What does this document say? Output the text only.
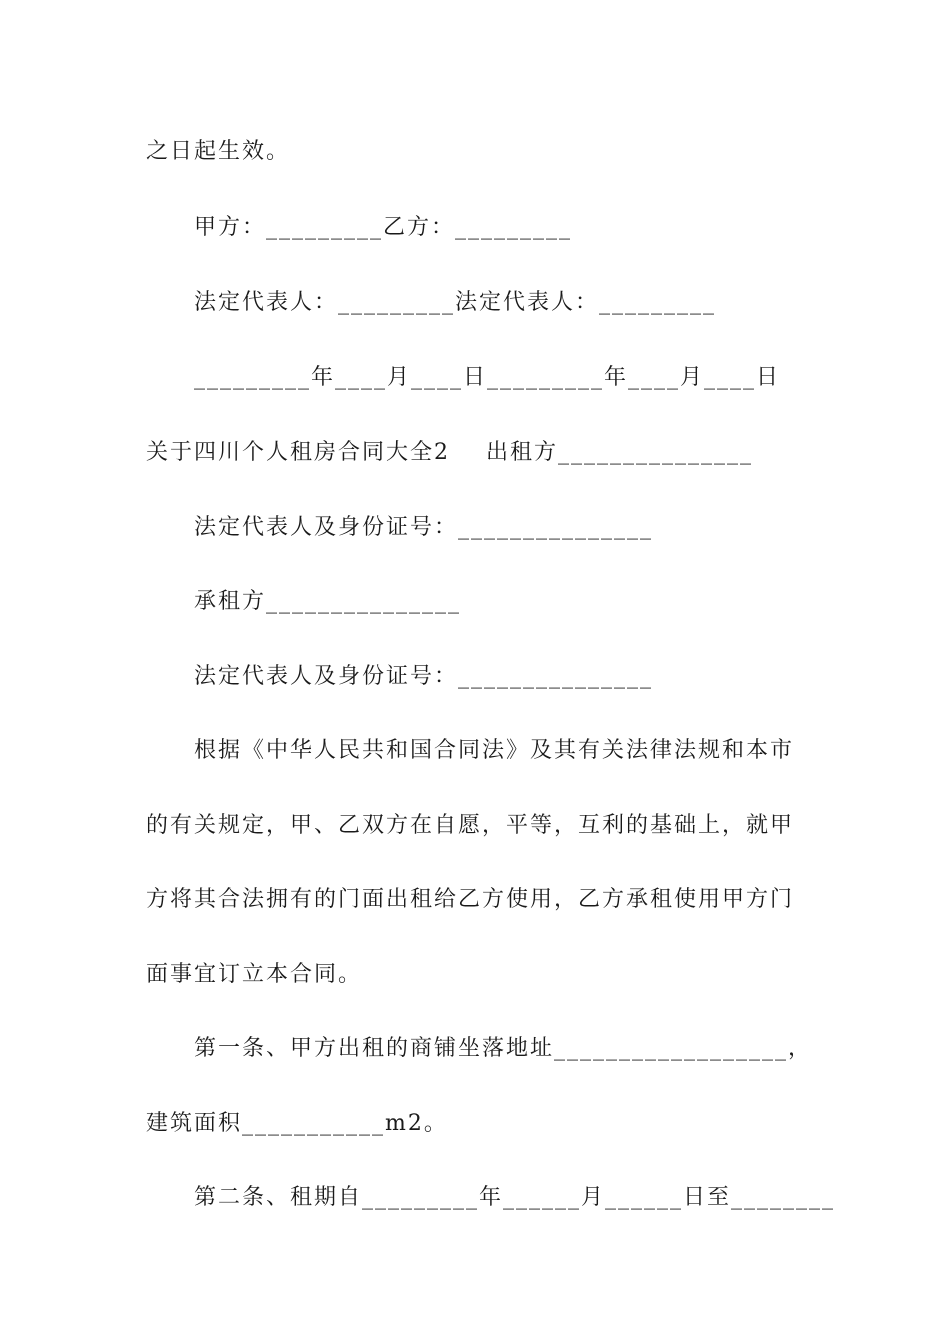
之日起生效。
甲方：_________乙方：_________
法定代表人：_________法定代表人：_________
_________年____月____日_________年____月____日
关于四川个人租房合同大全2    出租方_______________
法定代表人及身份证号：_______________
承租方_______________
法定代表人及身份证号：_______________
根据《中华人民共和国合同法》及其有关法律法规和本市
的有关规定，甲、乙双方在自愿，平等，互利的基础上，就甲
方将其合法拥有的门面出租给乙方使用，乙方承租使用甲方门
面事宜订立本合同。
第一条、甲方出租的商铺坐落地址__________________，
建筑面积___________m2。
第二条、租期自_________年______月______日至________
